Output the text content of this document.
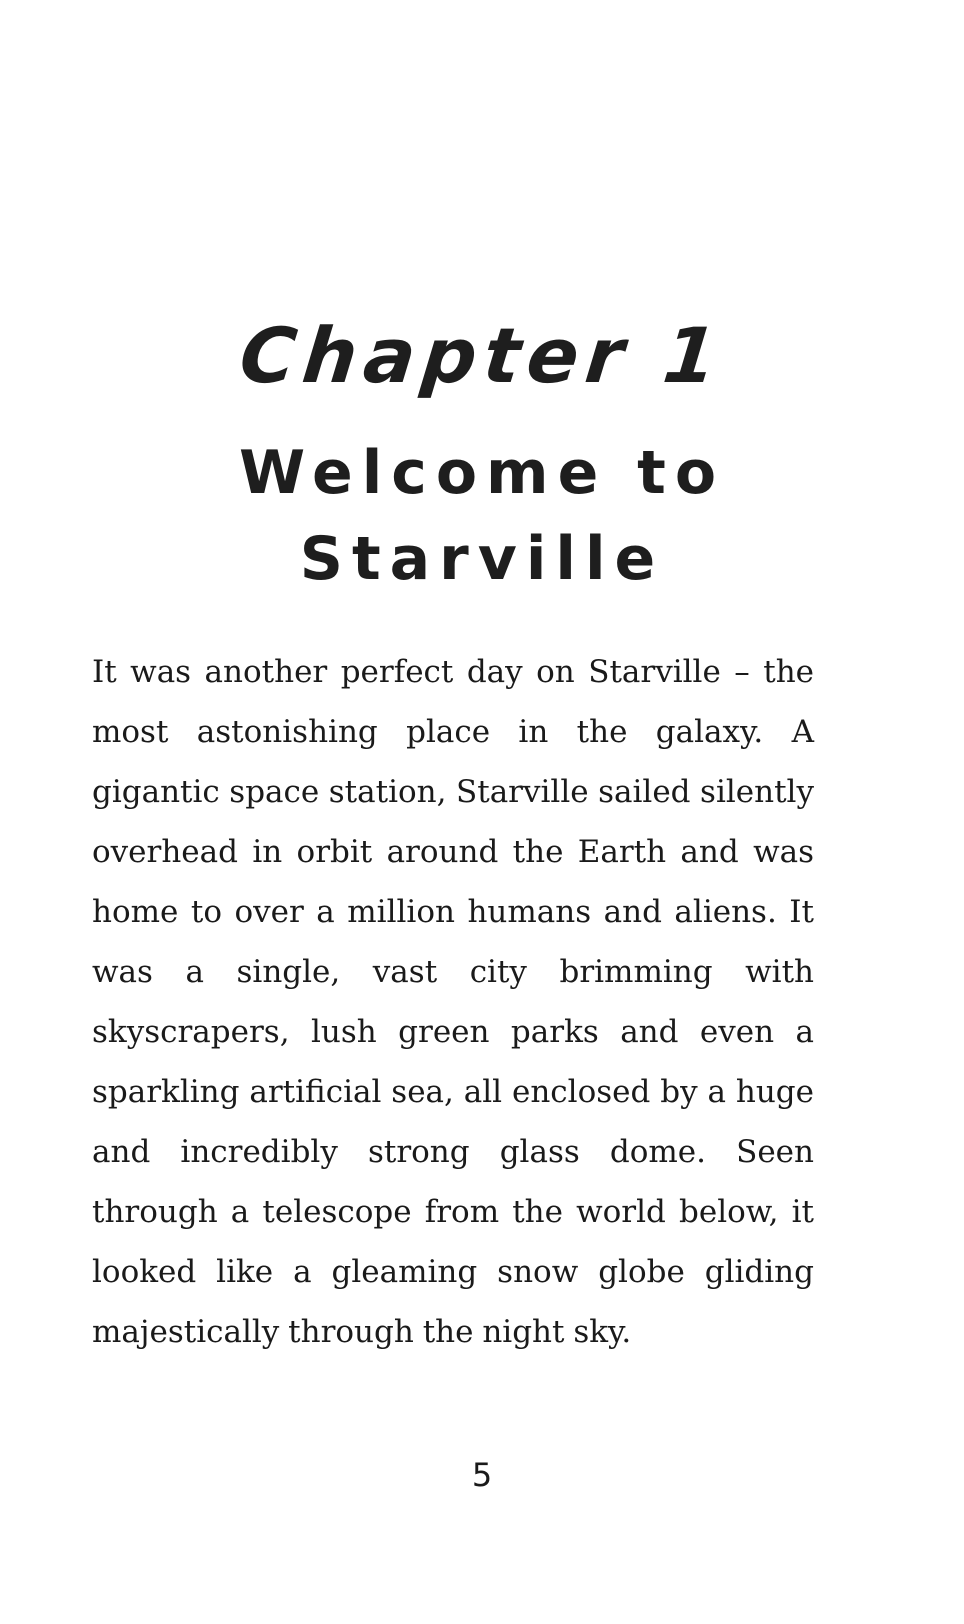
Chapter 1
Welcome to
Starville

It was another perfect day on Starville – the most astonishing place in the galaxy. A gigantic space station, Starville sailed silently overhead in orbit around the Earth and was home to over a million humans and aliens. It was a single, vast city brimming with skyscrapers, lush green parks and even a sparkling artificial sea, all enclosed by a huge and incredibly strong glass dome. Seen through a telescope from the world below, it looked like a gleaming snow globe gliding majestically through the night sky.

5
